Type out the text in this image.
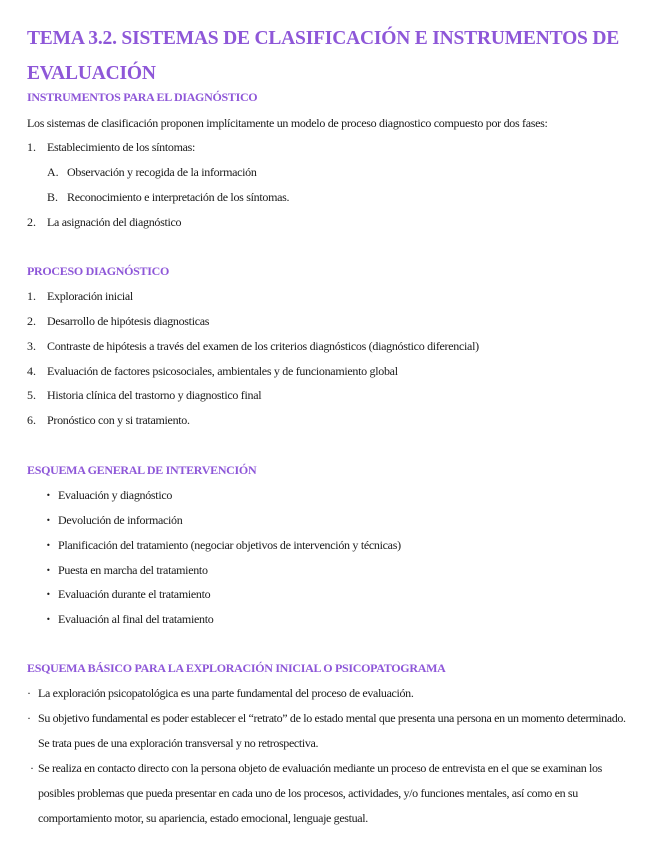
TEMA 3.2. SISTEMAS DE CLASIFICACIÓN E INSTRUMENTOS DE EVALUACIÓN
INSTRUMENTOS PARA EL DIAGNÓSTICO

Los sistemas de clasificación proponen implícitamente un modelo de proceso diagnostico compuesto por dos fases:

1. Establecimiento de los síntomas:
A. Observación y recogida de la información
B. Reconocimiento e interpretación de los síntomas.
2. La asignación del diagnóstico
PROCESO DIAGNÓSTICO
1. Exploración inicial
2. Desarrollo de hipótesis diagnosticas
3. Contraste de hipótesis a través del examen de los criterios diagnósticos (diagnóstico diferencial)
4. Evaluación de factores psicosociales, ambientales y de funcionamiento global
5. Historia clínica del trastorno y diagnostico final
6. Pronóstico con y si tratamiento.
ESQUEMA GENERAL DE INTERVENCIÓN
• Evaluación y diagnóstico
• Devolución de información
• Planificación del tratamiento (negociar objetivos de intervención y técnicas)
• Puesta en marcha del tratamiento
• Evaluación durante el tratamiento
• Evaluación al final del tratamiento
ESQUEMA BÁSICO PARA LA EXPLORACIÓN INICIAL O PSICOPATOGRAMA
· La exploración psicopatológica es una parte fundamental del proceso de evaluación.

· Su objetivo fundamental es poder establecer el “retrato” de lo estado mental que presenta una persona en un momento determinado. Se trata pues de una exploración transversal y no retrospectiva.

· Se realiza en contacto directo con la persona objeto de evaluación mediante un proceso de entrevista en el que se examinan los posibles problemas que pueda presentar en cada uno de los procesos, actividades, y/o funciones mentales, así como en su comportamiento motor, su apariencia, estado emocional, lenguaje gestual.
